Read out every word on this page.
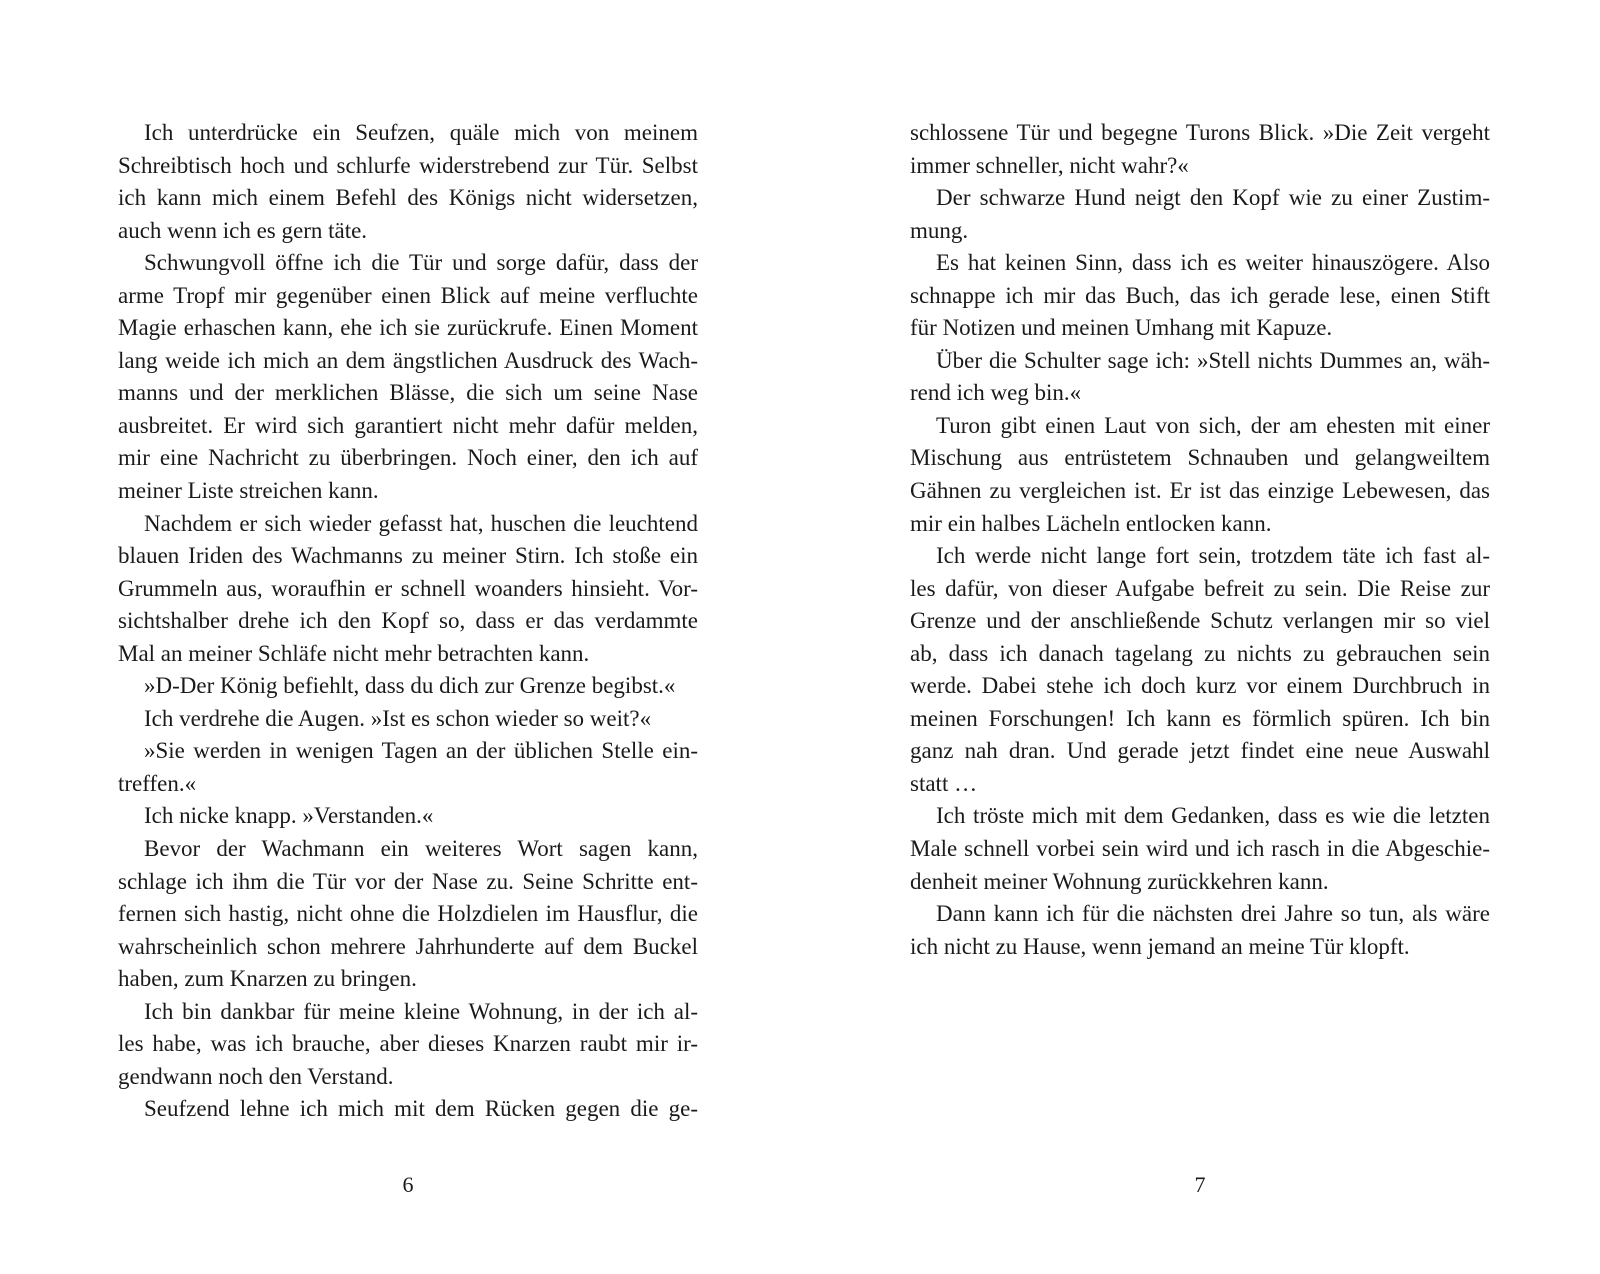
Ich unterdrücke ein Seufzen, quäle mich von meinem
Schreibtisch hoch und schlurfe widerstrebend zur Tür. Selbst
ich kann mich einem Befehl des Königs nicht widersetzen,
auch wenn ich es gern täte.
Schwungvoll öffne ich die Tür und sorge dafür, dass der
arme Tropf mir gegenüber einen Blick auf meine verfluchte
Magie erhaschen kann, ehe ich sie zurückrufe. Einen Moment
lang weide ich mich an dem ängstlichen Ausdruck des Wach-
manns und der merklichen Blässe, die sich um seine Nase
ausbreitet. Er wird sich garantiert nicht mehr dafür melden,
mir eine Nachricht zu überbringen. Noch einer, den ich auf
meiner Liste streichen kann.
Nachdem er sich wieder gefasst hat, huschen die leuchtend
blauen Iriden des Wachmanns zu meiner Stirn. Ich stoße ein
Grummeln aus, woraufhin er schnell woanders hinsieht. Vor-
sichtshalber drehe ich den Kopf so, dass er das verdammte
Mal an meiner Schläfe nicht mehr betrachten kann.
»D-Der König befiehlt, dass du dich zur Grenze begibst.«
Ich verdrehe die Augen. »Ist es schon wieder so weit?«
»Sie werden in wenigen Tagen an der üblichen Stelle ein-
treffen.«
Ich nicke knapp. »Verstanden.«
Bevor der Wachmann ein weiteres Wort sagen kann,
schlage ich ihm die Tür vor der Nase zu. Seine Schritte ent-
fernen sich hastig, nicht ohne die Holzdielen im Hausflur, die
wahrscheinlich schon mehrere Jahrhunderte auf dem Buckel
haben, zum Knarzen zu bringen.
Ich bin dankbar für meine kleine Wohnung, in der ich al-
les habe, was ich brauche, aber dieses Knarzen raubt mir ir-
gendwann noch den Verstand.
Seufzend lehne ich mich mit dem Rücken gegen die ge-
6
schlossene Tür und begegne Turons Blick. »Die Zeit vergeht
immer schneller, nicht wahr?«
Der schwarze Hund neigt den Kopf wie zu einer Zustim-
mung.
Es hat keinen Sinn, dass ich es weiter hinauszögere. Also
schnappe ich mir das Buch, das ich gerade lese, einen Stift
für Notizen und meinen Umhang mit Kapuze.
Über die Schulter sage ich: »Stell nichts Dummes an, wäh-
rend ich weg bin.«
Turon gibt einen Laut von sich, der am ehesten mit einer
Mischung aus entrüstetem Schnauben und gelangweiltem
Gähnen zu vergleichen ist. Er ist das einzige Lebewesen, das
mir ein halbes Lächeln entlocken kann.
Ich werde nicht lange fort sein, trotzdem täte ich fast al-
les dafür, von dieser Aufgabe befreit zu sein. Die Reise zur
Grenze und der anschließende Schutz verlangen mir so viel
ab, dass ich danach tagelang zu nichts zu gebrauchen sein
werde. Dabei stehe ich doch kurz vor einem Durchbruch in
meinen Forschungen! Ich kann es förmlich spüren. Ich bin
ganz nah dran. Und gerade jetzt findet eine neue Auswahl
statt …
Ich tröste mich mit dem Gedanken, dass es wie die letzten
Male schnell vorbei sein wird und ich rasch in die Abgeschie-
denheit meiner Wohnung zurückkehren kann.
Dann kann ich für die nächsten drei Jahre so tun, als wäre
ich nicht zu Hause, wenn jemand an meine Tür klopft.
7
